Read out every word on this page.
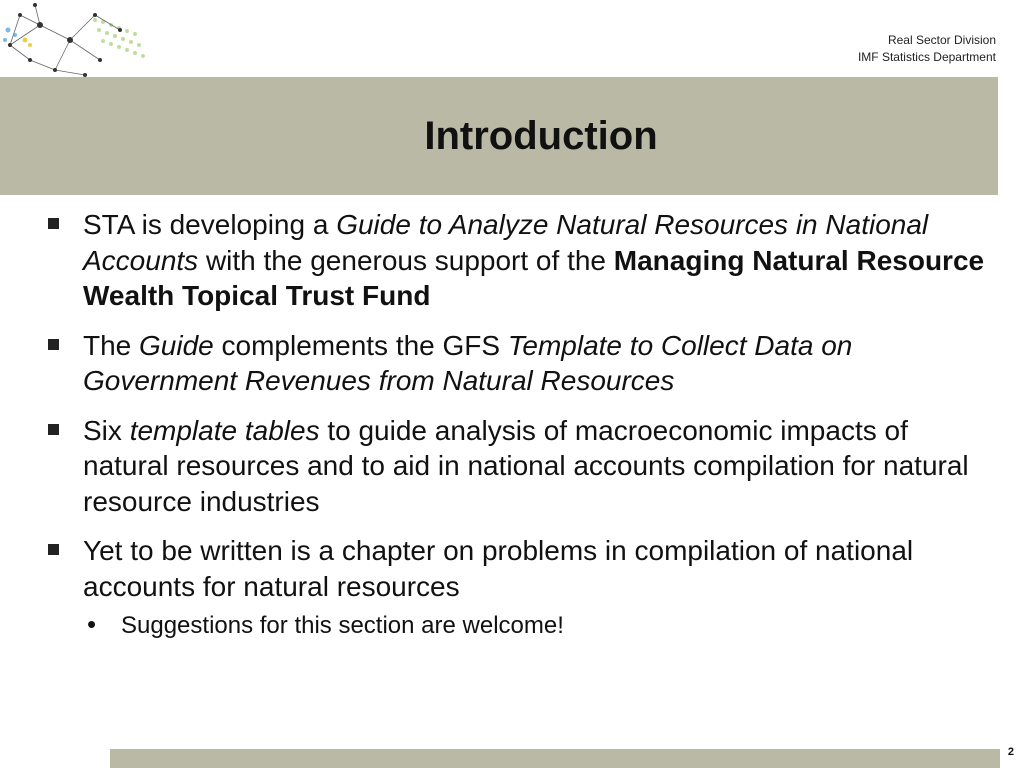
Real Sector Division
IMF Statistics Department
Introduction
STA is developing a Guide to Analyze Natural Resources in National Accounts with the generous support of the Managing Natural Resource Wealth Topical Trust Fund
The Guide complements the GFS Template to Collect Data on Government Revenues from Natural Resources
Six template tables to guide analysis of macroeconomic impacts of natural resources and to aid in national accounts compilation for natural resource industries
Yet to be written is a chapter on problems in compilation of national accounts for natural resources
• Suggestions for this section are welcome!
2
